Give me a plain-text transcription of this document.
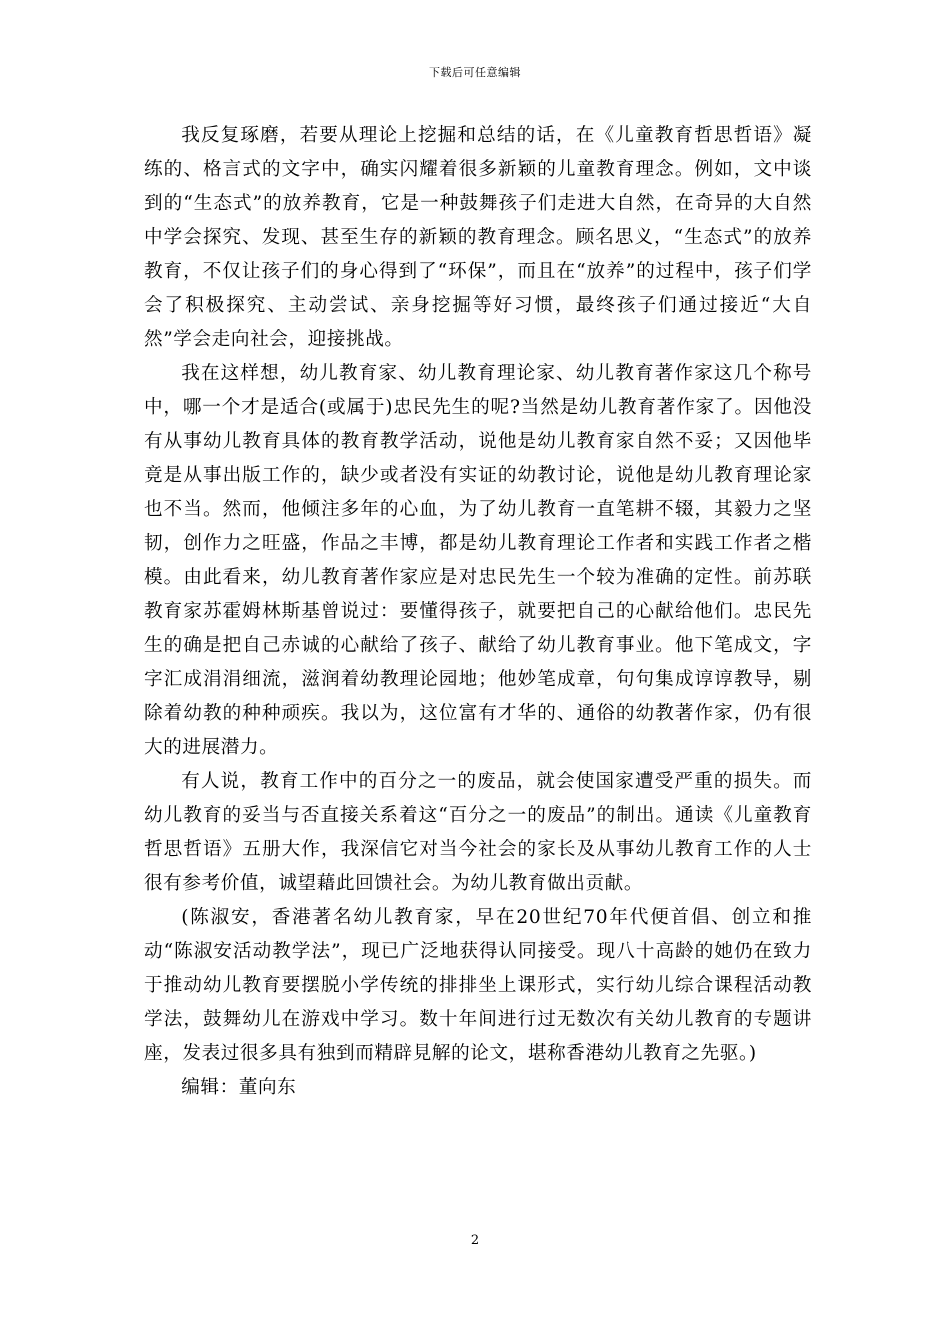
下载后可任意编辑

我反复琢磨，若要从理论上挖掘和总结的话，在《儿童教育哲思哲语》凝练的、格言式的文字中，确实闪耀着很多新颖的儿童教育理念。例如，文中谈到的“生态式”的放养教育，它是一种鼓舞孩子们走进大自然，在奇异的大自然中学会探究、发现、甚至生存的新颖的教育理念。顾名思义，“生态式”的放养教育，不仅让孩子们的身心得到了“环保”，而且在“放养”的过程中，孩子们学会了积极探究、主动尝试、亲身挖掘等好习惯，最终孩子们通过接近“大自然”学会走向社会，迎接挑战。

我在这样想，幼儿教育家、幼儿教育理论家、幼儿教育著作家这几个称号中，哪一个才是适合(或属于)忠民先生的呢?当然是幼儿教育著作家了。因他没有从事幼儿教育具体的教育教学活动，说他是幼儿教育家自然不妥；又因他毕竟是从事出版工作的，缺少或者没有实证的幼教讨论，说他是幼儿教育理论家也不当。然而，他倾注多年的心血，为了幼儿教育一直笔耕不辍，其毅力之坚韧，创作力之旺盛，作品之丰博，都是幼儿教育理论工作者和实践工作者之楷模。由此看来，幼儿教育著作家应是对忠民先生一个较为准确的定性。前苏联教育家苏霍姆林斯基曾说过：要懂得孩子，就要把自己的心献给他们。忠民先生的确是把自己赤诚的心献给了孩子、献给了幼儿教育事业。他下笔成文，字字汇成涓涓细流，滋润着幼教理论园地；他妙笔成章，句句集成谆谆教导，剔除着幼教的种种顽疾。我以为，这位富有才华的、通俗的幼教著作家，仍有很大的进展潜力。

有人说，教育工作中的百分之一的废品，就会使国家遭受严重的损失。而幼儿教育的妥当与否直接关系着这“百分之一的废品”的制出。通读《儿童教育哲思哲语》五册大作，我深信它对当今社会的家长及从事幼儿教育工作的人士很有参考价值，诚望藉此回馈社会。为幼儿教育做出贡献。

(陈淑安，香港著名幼儿教育家，早在20世纪70年代便首倡、创立和推动“陈淑安活动教学法”，现已广泛地获得认同接受。现八十高龄的她仍在致力于推动幼儿教育要摆脱小学传统的排排坐上课形式，实行幼儿综合课程活动教学法，鼓舞幼儿在游戏中学习。数十年间进行过无数次有关幼儿教育的专题讲座，发表过很多具有独到而精辟見解的论文，堪称香港幼儿教育之先驱。)

编辑：董向东

2
